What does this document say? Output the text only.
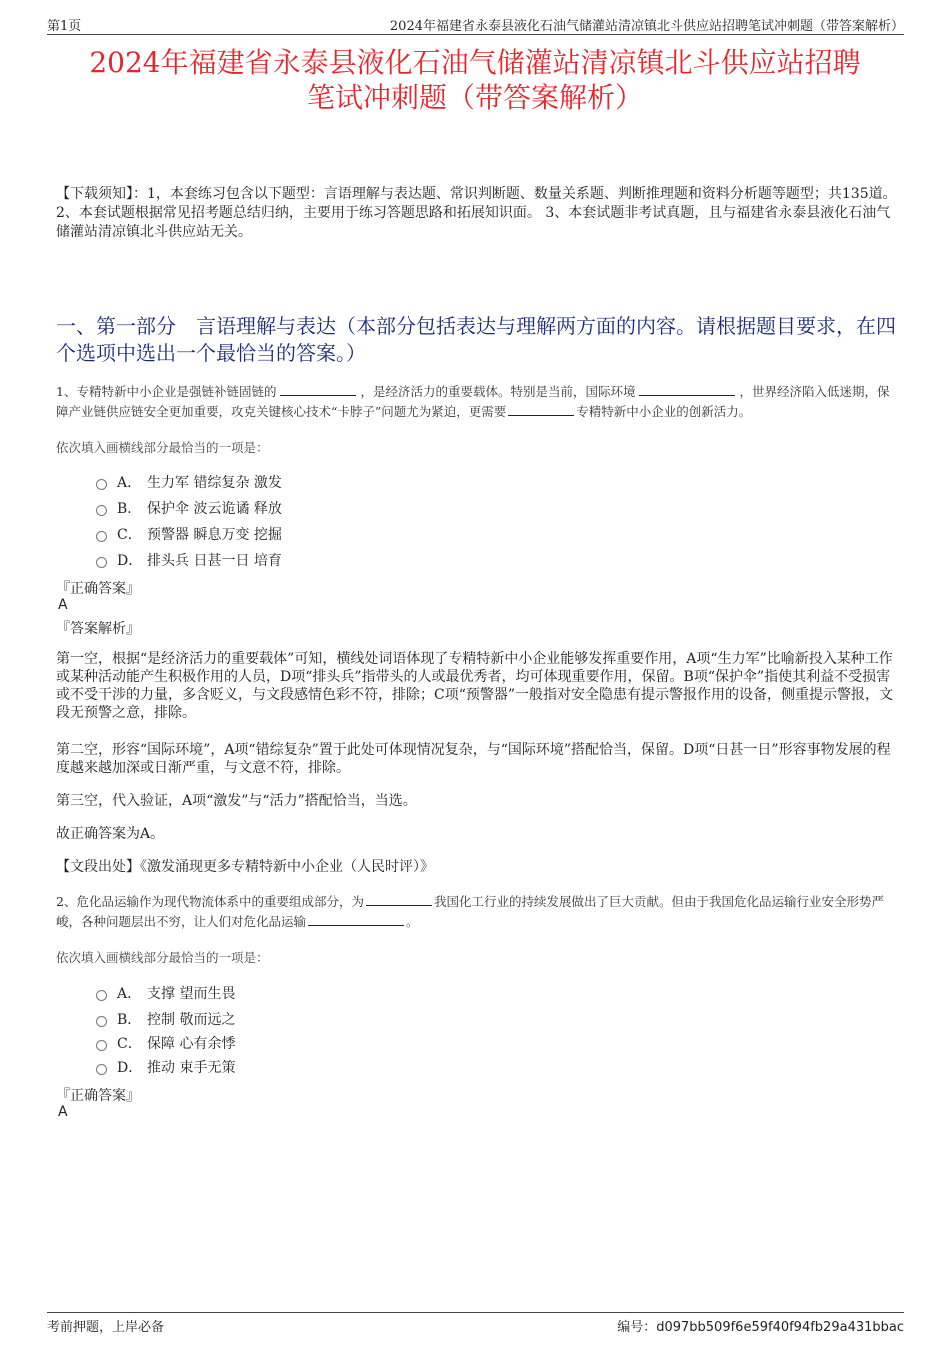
第1页	2024年福建省永泰县液化石油气储灌站清凉镇北斗供应站招聘笔试冲刺题（带答案解析）
2024年福建省永泰县液化石油气储灌站清凉镇北斗供应站招聘
笔试冲刺题（带答案解析）
【下载须知】：1，本套练习包含以下题型：言语理解与表达题、常识判断题、数量关系题、判断推理题和资料分析题等题型；共135道。 2、本套试题根据常见招考题总结归纳，主要用于练习答题思路和拓展知识面。 3、本套试题非考试真题，且与福建省永泰县液化石油气储灌站清凉镇北斗供应站无关。
一、第一部分　言语理解与表达（本部分包括表达与理解两方面的内容。请根据题目要求，在四个选项中选出一个最恰当的答案。）
1、专精特新中小企业是强链补链固链的	，是经济活力的重要载体。特别是当前，国际环境	，世界经济陷入低迷期，保障产业链供应链安全更加重要，攻克关键核心技术“卡脖子”问题尤为紧迫，更需要	专精特新中小企业的创新活力。
依次填入画横线部分最恰当的一项是：
A． 生力军 错综复杂 激发
B． 保护伞 波云诡谲 释放
C． 预警器 瞬息万变 挖掘
D． 排头兵 日甚一日 培育
『正确答案』
A
『答案解析』
第一空，根据“是经济活力的重要载体”可知，横线处词语体现了专精特新中小企业能够发挥重要作用，A项“生力军”比喻新投入某种工作或某种活动能产生积极作用的人员，D项“排头兵”指带头的人或最优秀者，均可体现重要作用，保留。B项“保护伞”指使其利益不受损害或不受干涉的力量，多含贬义，与文段感情色彩不符，排除；C项“预警器”一般指对安全隐患有提示警报作用的设备，侧重提示警报，文段无预警之意，排除。
第二空，形容“国际环境”，A项“错综复杂”置于此处可体现情况复杂，与“国际环境”搭配恰当，保留。D项“日甚一日”形容事物发展的程度越来越加深或日渐严重，与文意不符，排除。
第三空，代入验证，A项“激发”与“活力”搭配恰当，当选。
故正确答案为A。
【文段出处】《激发涌现更多专精特新中小企业（人民时评）》
2、危化品运输作为现代物流体系中的重要组成部分，为	我国化工行业的持续发展做出了巨大贡献。但由于我国危化品运输行业安全形势严峻，各种问题层出不穷，让人们对危化品运输	。
依次填入画横线部分最恰当的一项是：
A． 支撑 望而生畏
B． 控制 敬而远之
C． 保障 心有余悸
D． 推动 束手无策
『正确答案』
A
考前押题，上岸必备	编号：d097bb509f6e59f40f94fb29a431bbac
